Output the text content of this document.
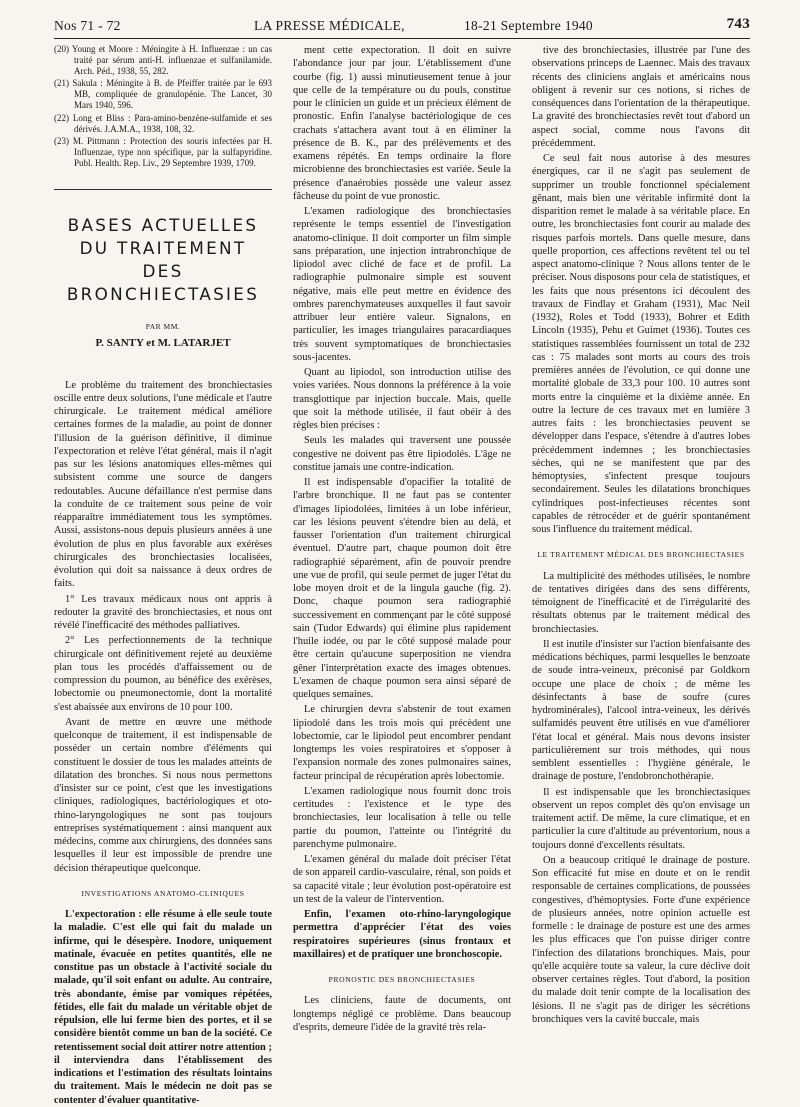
Nos 71 - 72	LA PRESSE MÉDICALE,	18-21 Septembre 1940	743
(20) Young et Moore : Méningite à H. Influenzae : un cas traité par sérum anti-H. influenzae et sulfanilamide. Arch. Péd., 1938, 55, 282.
(21) Sakula : Méningite à B. de Pfeiffer traitée par le 693 MB, compliquée de granulopénie. The Lancet, 30 Mars 1940, 596.
(22) Long et Bliss : Para-amino-benzène-sulfamide et ses dérivés. J.A.M.A., 1938, 108, 32.
(23) M. Pittmann : Protection des souris infectées par H. Influenzae, type non spécifique, par la sulfapyridine. Publ. Health. Rep. Liv., 29 Septembre 1939, 1709.
BASES ACTUELLES
DU TRAITEMENT
DES BRONCHIECTASIES
PAR MM.
P. SANTY et M. LATARJET

Le problème du traitement des bronchiectasies oscille entre deux solutions, l'une médicale et l'autre chirurgicale. Le traitement médical améliore certaines formes de la maladie, au point de donner l'illusion de la guérison définitive, il diminue l'expectoration et relève l'état général, mais il n'agit pas sur les lésions anatomiques elles-mêmes qui subsistent comme une source de dangers redoutables. Aucune défaillance n'est permise dans la conduite de ce traitement sous peine de voir réapparaître immédiatement tous les symptômes. Aussi, assistons-nous depuis plusieurs années à une évolution de plus en plus favorable aux exérèses chirurgicales des bronchiectasies localisées, évolution qui doit sa naissance à deux ordres de faits.

1° Les travaux médicaux nous ont appris à redouter la gravité des bronchiectasies, et nous ont révélé l'inefficacité des méthodes palliatives.

2° Les perfectionnements de la technique chirurgicale ont définitivement rejeté au deuxième plan tous les procédés d'affaissement ou de compression du poumon, au bénéfice des exérèses, lobectomie ou pneumonectomie, dont la mortalité s'est abaissée aux environs de 10 pour 100.

Avant de mettre en œuvre une méthode quelconque de traitement, il est indispensable de posséder un certain nombre d'éléments qui constituent le dossier de tous les malades atteints de dilatation des bronches. Si nous nous permettons d'insister sur ce point, c'est que les investigations cliniques, radiologiques, bactériologiques et oto-rhino-laryngologiques ne sont pas toujours entreprises systématiquement : ainsi manquent aux médecins, comme aux chirurgiens, des données sans lesquelles il leur est impossible de prendre une décision thérapeutique quelconque.

INVESTIGATIONS ANATOMO-CLINIQUES

L'expectoration : elle résume à elle seule toute la maladie. C'est elle qui fait du malade un infirme, qui le désespère. Inodore, uniquement matinale, évacuée en petites quantités, elle ne constitue pas un obstacle à l'activité sociale du malade, qu'il soit enfant ou adulte. Au contraire, très abondante, émise par vomiques répétées, fétides, elle fait du malade un véritable objet de répulsion, elle lui ferme bien des portes, et il se considère bientôt comme un ban de la société. Ce retentissement social doit attirer notre attention ; il interviendra dans l'établissement des indications et l'estimation des résultats lointains du traitement. Mais le médecin ne doit pas se contenter d'évaluer quantitative-

ment cette expectoration. Il doit en suivre l'abondance jour par jour. L'établissement d'une courbe (fig. 1) aussi minutieusement tenue à jour que celle de la température ou du pouls, constitue pour le clinicien un guide et un précieux élément de pronostic. Enfin l'analyse bactériologique de ces crachats s'attachera avant tout à en éliminer la présence de B. K., par des prélèvements et des examens répétés. En temps ordinaire la flore microbienne des bronchiectasies est variée. Seule la présence d'anaérobies possède une valeur assez fâcheuse du point de vue pronostic.

L'examen radiologique des bronchiectasies représente le temps essentiel de l'investigation anatomo-clinique. Il doit comporter un film simple sans préparation, une injection intrabronchique de lipiodol avec cliché de face et de profil. La radiographie pulmonaire simple est souvent négative, mais elle peut mettre en évidence des ombres parenchymateuses auxquelles il faut savoir attribuer leur entière valeur. Signalons, en particulier, les images triangulaires paracardiaques très souvent symptomatiques de bronchiectasies sous-jacentes.

Quant au lipiodol, son introduction utilise des voies variées. Nous donnons la préférence à la voie transglottique par injection buccale. Mais, quelle que soit la méthode utilisée, il faut obéir à des règles bien précises :

Seuls les malades qui traversent une poussée congestive ne doivent pas être lipiodolés. L'âge ne constitue jamais une contre-indication.

Il est indispensable d'opacifier la totalité de l'arbre bronchique. Il ne faut pas se contenter d'images lipiodolées, limitées à un lobe inférieur, car les lésions peuvent s'étendre bien au delà, et fausser l'orientation d'un traitement chirurgical éventuel. D'autre part, chaque poumon doit être radiographié séparément, afin de pouvoir prendre une vue de profil, qui seule permet de juger l'état du lobe moyen droit et de la lingula gauche (fig. 2). Donc, chaque poumon sera radiographié successivement en commençant par le côté supposé sain (Tudor Edwards) qui élimine plus rapidement l'huile iodée, ou par le côté supposé malade pour être certain qu'aucune superposition ne viendra gêner l'interprétation exacte des images obtenues. L'examen de chaque poumon sera ainsi séparé de quelques semaines.

Le chirurgien devra s'abstenir de tout examen lipiodolé dans les trois mois qui précèdent une lobectomie, car le lipiodol peut encombrer pendant longtemps les voies respiratoires et s'opposer à l'expansion normale des zones pulmonaires saines, facteur principal de récupération après lobectomie.

L'examen radiologique nous fournit donc trois certitudes : l'existence et le type des bronchiectasies, leur localisation à telle ou telle partie du poumon, l'atteinte ou l'intégrité du parenchyme pulmonaire.

L'examen général du malade doit préciser l'état de son appareil cardio-vasculaire, rénal, son poids et sa capacité vitale ; leur évolution post-opératoire est un test de la valeur de l'intervention.

Enfin, l'examen oto-rhino-laryngologique permettra d'apprécier l'état des voies respiratoires supérieures (sinus frontaux et maxillaires) et de pratiquer une bronchoscopie.

PRONOSTIC DES BRONCHIECTASIES

Les cliniciens, faute de documents, ont longtemps négligé ce problème. Dans beaucoup d'esprits, demeure l'idée de la gravité très rela-

tive des bronchiectasies, illustrée par l'une des observations princeps de Laennec. Mais des travaux récents des cliniciens anglais et américains nous obligent à revenir sur ces notions, si riches de conséquences dans l'orientation de la thérapeutique. La gravité des bronchiectasies revêt tout d'abord un aspect social, comme nous l'avons dit précédemment.

Ce seul fait nous autorise à des mesures énergiques, car il ne s'agit pas seulement de supprimer un trouble fonctionnel spécialement gênant, mais bien une véritable infirmité dont la disparition remet le malade à sa véritable place. En outre, les bronchiectasies font courir au malade des risques parfois mortels. Dans quelle mesure, dans quelle proportion, ces affections revêtent tel ou tel aspect anatomo-clinique ? Nous allons tenter de le préciser. Nous disposons pour cela de statistiques, et les faits que nous présentons ici découlent des travaux de Findlay et Graham (1931), Mac Neil (1932), Roles et Todd (1933), Bohrer et Edith Lincoln (1935), Pehu et Guimet (1936). Toutes ces statistiques rassemblées fournissent un total de 232 cas : 75 malades sont morts au cours des trois premières années de l'évolution, ce qui donne une mortalité globale de 33,3 pour 100. 10 autres sont morts entre la cinquième et la dixième année. En outre la lecture de ces travaux met en lumière 3 autres faits : les bronchiectasies peuvent se développer dans l'espace, s'étendre à d'autres lobes précédemment indemnes ; les bronchiectasies sèches, qui ne se manifestent que par des hémoptysies, s'infectent presque toujours secondairement. Seules les dilatations bronchiques cylindriques post-infectieuses récentes sont capables de rétrocéder et de guérir spontanément sous l'influence du traitement médical.

LE TRAITEMENT MÉDICAL DES BRONCHIECTASIES

La multiplicité des méthodes utilisées, le nombre de tentatives dirigées dans des sens différents, témoignent de l'inefficacité et de l'irrégularité des résultats obtenus par le traitement médical des bronchiectasies.

Il est inutile d'insister sur l'action bienfaisante des médications béchiques, parmi lesquelles le benzoate de soude intra-veineux, préconisé par Goldkorn occupe une place de choix ; de même les désinfectants à base de soufre (cures hydrominérales), l'alcool intra-veineux, les dérivés sulfamidés peuvent être utilisés en vue d'améliorer l'état local et général. Mais nous devons insister particulièrement sur trois méthodes, qui nous semblent essentielles : l'hygiène générale, le drainage de posture, l'endobronchothérapie.

Il est indispensable que les bronchiectasiques observent un repos complet dès qu'on envisage un traitement actif. De même, la cure climatique, et en particulier la cure d'altitude au préventorium, nous a toujours donné d'excellents résultats.

On a beaucoup critiqué le drainage de posture. Son efficacité fut mise en doute et on le rendit responsable de certaines complications, de poussées congestives, d'hémoptysies. Forte d'une expérience de plusieurs années, notre opinion actuelle est formelle : le drainage de posture est une des armes les plus efficaces que l'on puisse diriger contre l'infection des dilatations bronchiques. Mais, pour qu'elle acquière toute sa valeur, la cure déclive doit observer certaines règles. Tout d'abord, la position du malade doit tenir compte de la localisation des lésions. Il ne s'agit pas de diriger les sécrétions bronchiques vers la cavité buccale, mais
